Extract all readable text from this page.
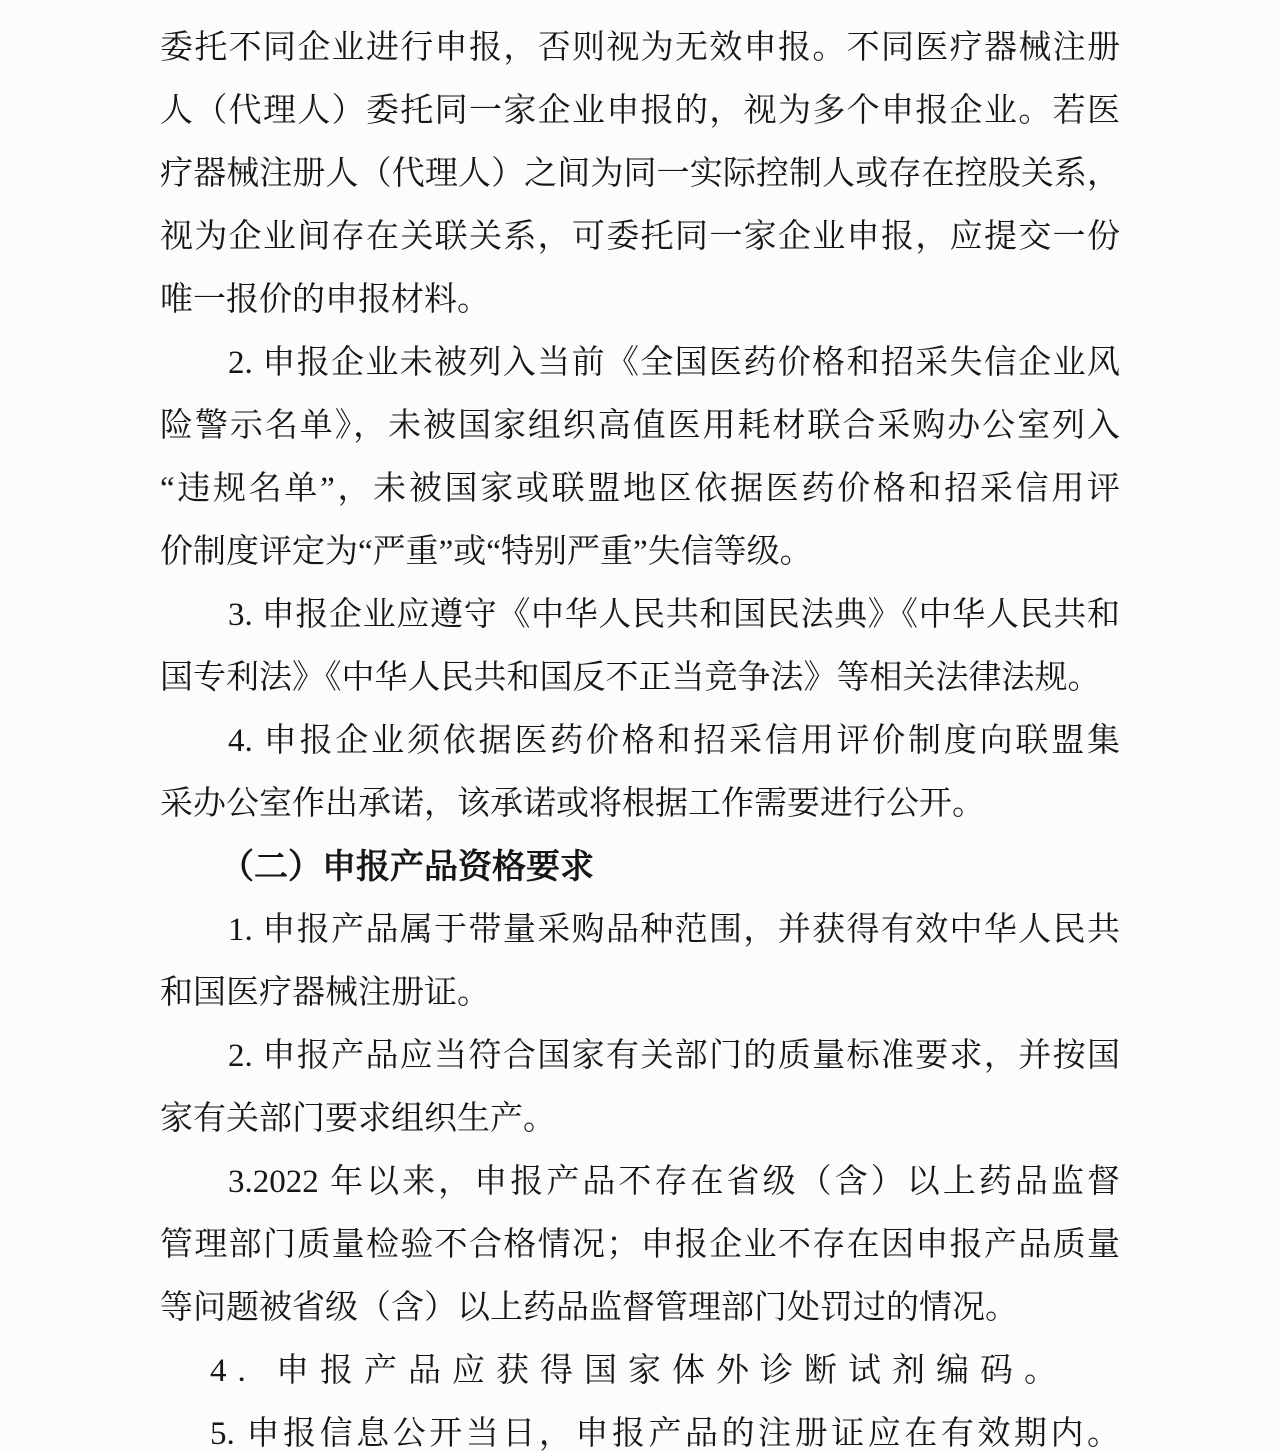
委托不同企业进行申报，否则视为无效申报。不同医疗器械注册
人（代理人）委托同一家企业申报的，视为多个申报企业。若医
疗器械注册人（代理人）之间为同一实际控制人或存在控股关系，
视为企业间存在关联关系，可委托同一家企业申报，应提交一份
唯一报价的申报材料。
2. 申报企业未被列入当前《全国医药价格和招采失信企业风
险警示名单》，未被国家组织高值医用耗材联合采购办公室列入
“违规名单”，未被国家或联盟地区依据医药价格和招采信用评
价制度评定为“严重”或“特别严重”失信等级。
3. 申报企业应遵守《中华人民共和国民法典》《中华人民共和
国专利法》《中华人民共和国反不正当竞争法》等相关法律法规。
4. 申报企业须依据医药价格和招采信用评价制度向联盟集
采办公室作出承诺，该承诺或将根据工作需要进行公开。
（二）申报产品资格要求
1. 申报产品属于带量采购品种范围，并获得有效中华人民共
和国医疗器械注册证。
2. 申报产品应当符合国家有关部门的质量标准要求，并按国
家有关部门要求组织生产。
3.2022 年以来，申报产品不存在省级（含）以上药品监督
管理部门质量检验不合格情况；申报企业不存在因申报产品质量
等问题被省级（含）以上药品监督管理部门处罚过的情况。
4. 申报产品应获得国家体外诊断试剂编码。
5. 申报信息公开当日，申报产品的注册证应在有效期内。
